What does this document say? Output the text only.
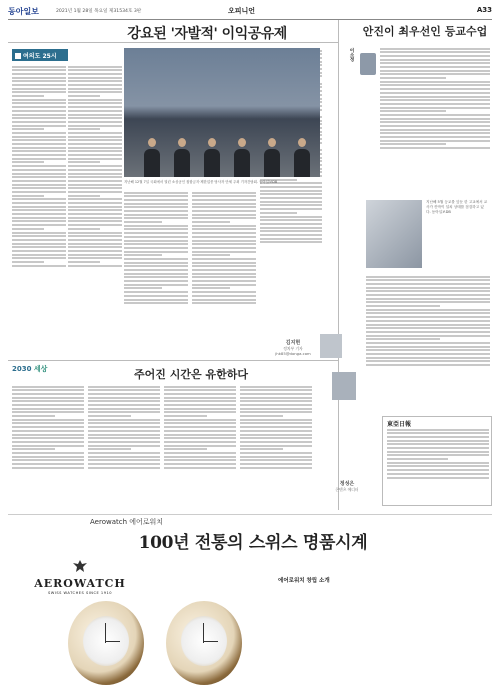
동아일보	2021년 1월 28일 목요일 제31534호 3판	오피니언	A33
강요된 '자발적' 이익공유제	안진이 최우선인 등교수업
여의도 25시
지난해 12월 7일 국회에서 열린 소상공인 집합금지·제한업종 당사자 단체 주최 기자간담회. 동아일보DB
김지현
정치부 기자
jhk85@donga.com
이소정
지난해 5월 등교를 앞둔 한 고교에서 교사가 칸막이 설치 상태를 점검하고 있다. 동아일보DB
2030 세상	주어진 시간은 유한하다
정성은
콘텐츠 에디터
東亞日報
Aerowatch 에어로워치
100년 전통의 스위스 명품시계
AEROWATCH
SWISS WATCHES SINCE 1910
에어로워치 창립 소개
